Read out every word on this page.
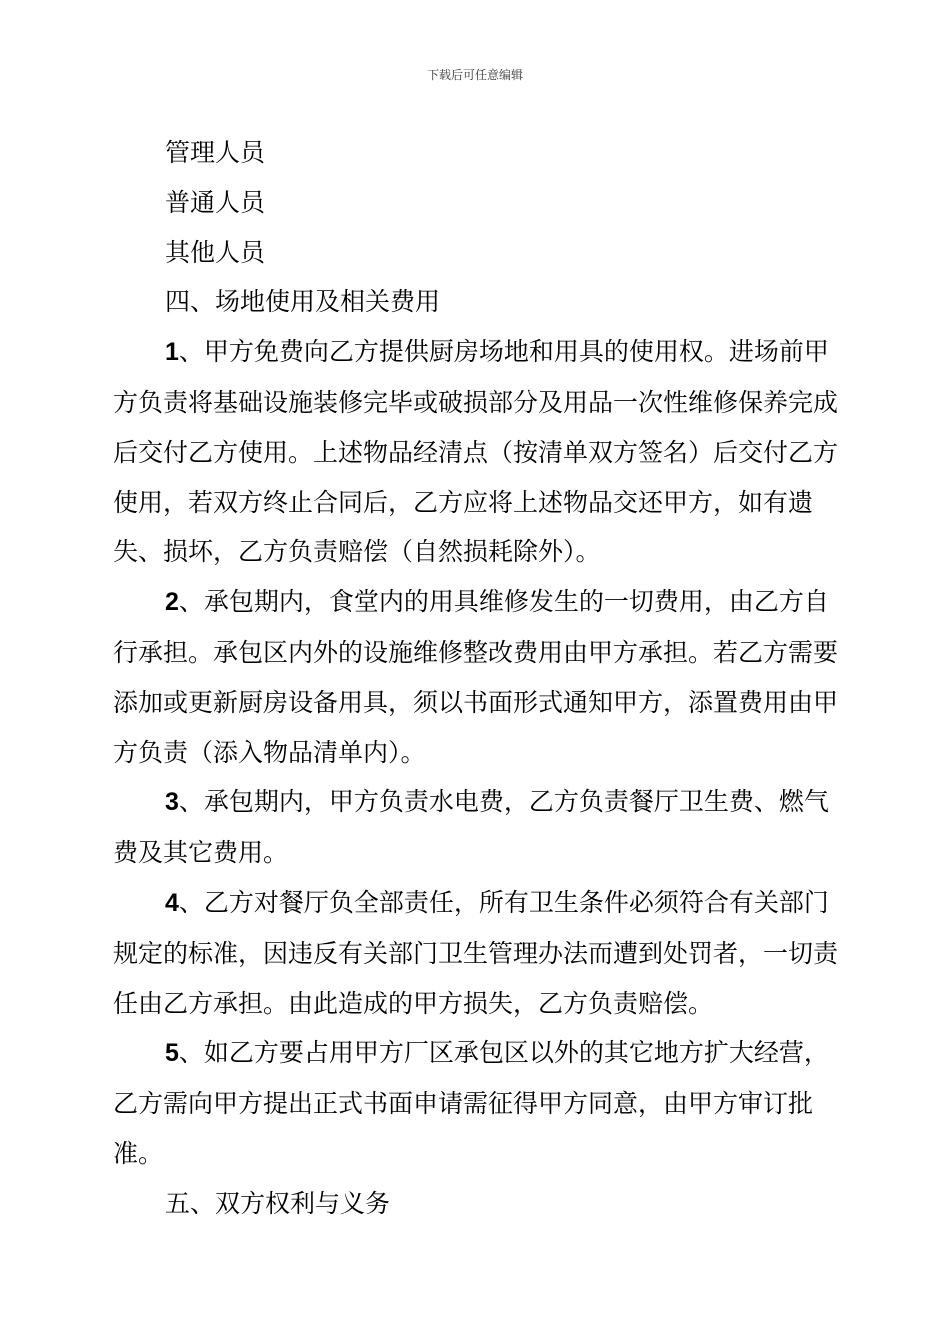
下载后可任意编辑

管理人员

普通人员

其他人员

四、场地使用及相关费用

1、甲方免费向乙方提供厨房场地和用具的使用权。进场前甲方负责将基础设施装修完毕或破损部分及用品一次性维修保养完成后交付乙方使用。上述物品经清点（按清单双方签名）后交付乙方使用，若双方终止合同后，乙方应将上述物品交还甲方，如有遗失、损坏，乙方负责赔偿（自然损耗除外）。

2、承包期内，食堂内的用具维修发生的一切费用，由乙方自行承担。承包区内外的设施维修整改费用由甲方承担。若乙方需要添加或更新厨房设备用具，须以书面形式通知甲方，添置费用由甲方负责（添入物品清单内）。

3、承包期内，甲方负责水电费，乙方负责餐厅卫生费、燃气费及其它费用。

4、乙方对餐厅负全部责任，所有卫生条件必须符合有关部门规定的标准，因违反有关部门卫生管理办法而遭到处罚者，一切责任由乙方承担。由此造成的甲方损失，乙方负责赔偿。

5、如乙方要占用甲方厂区承包区以外的其它地方扩大经营，乙方需向甲方提出正式书面申请需征得甲方同意，由甲方审订批准。

五、双方权利与义务
